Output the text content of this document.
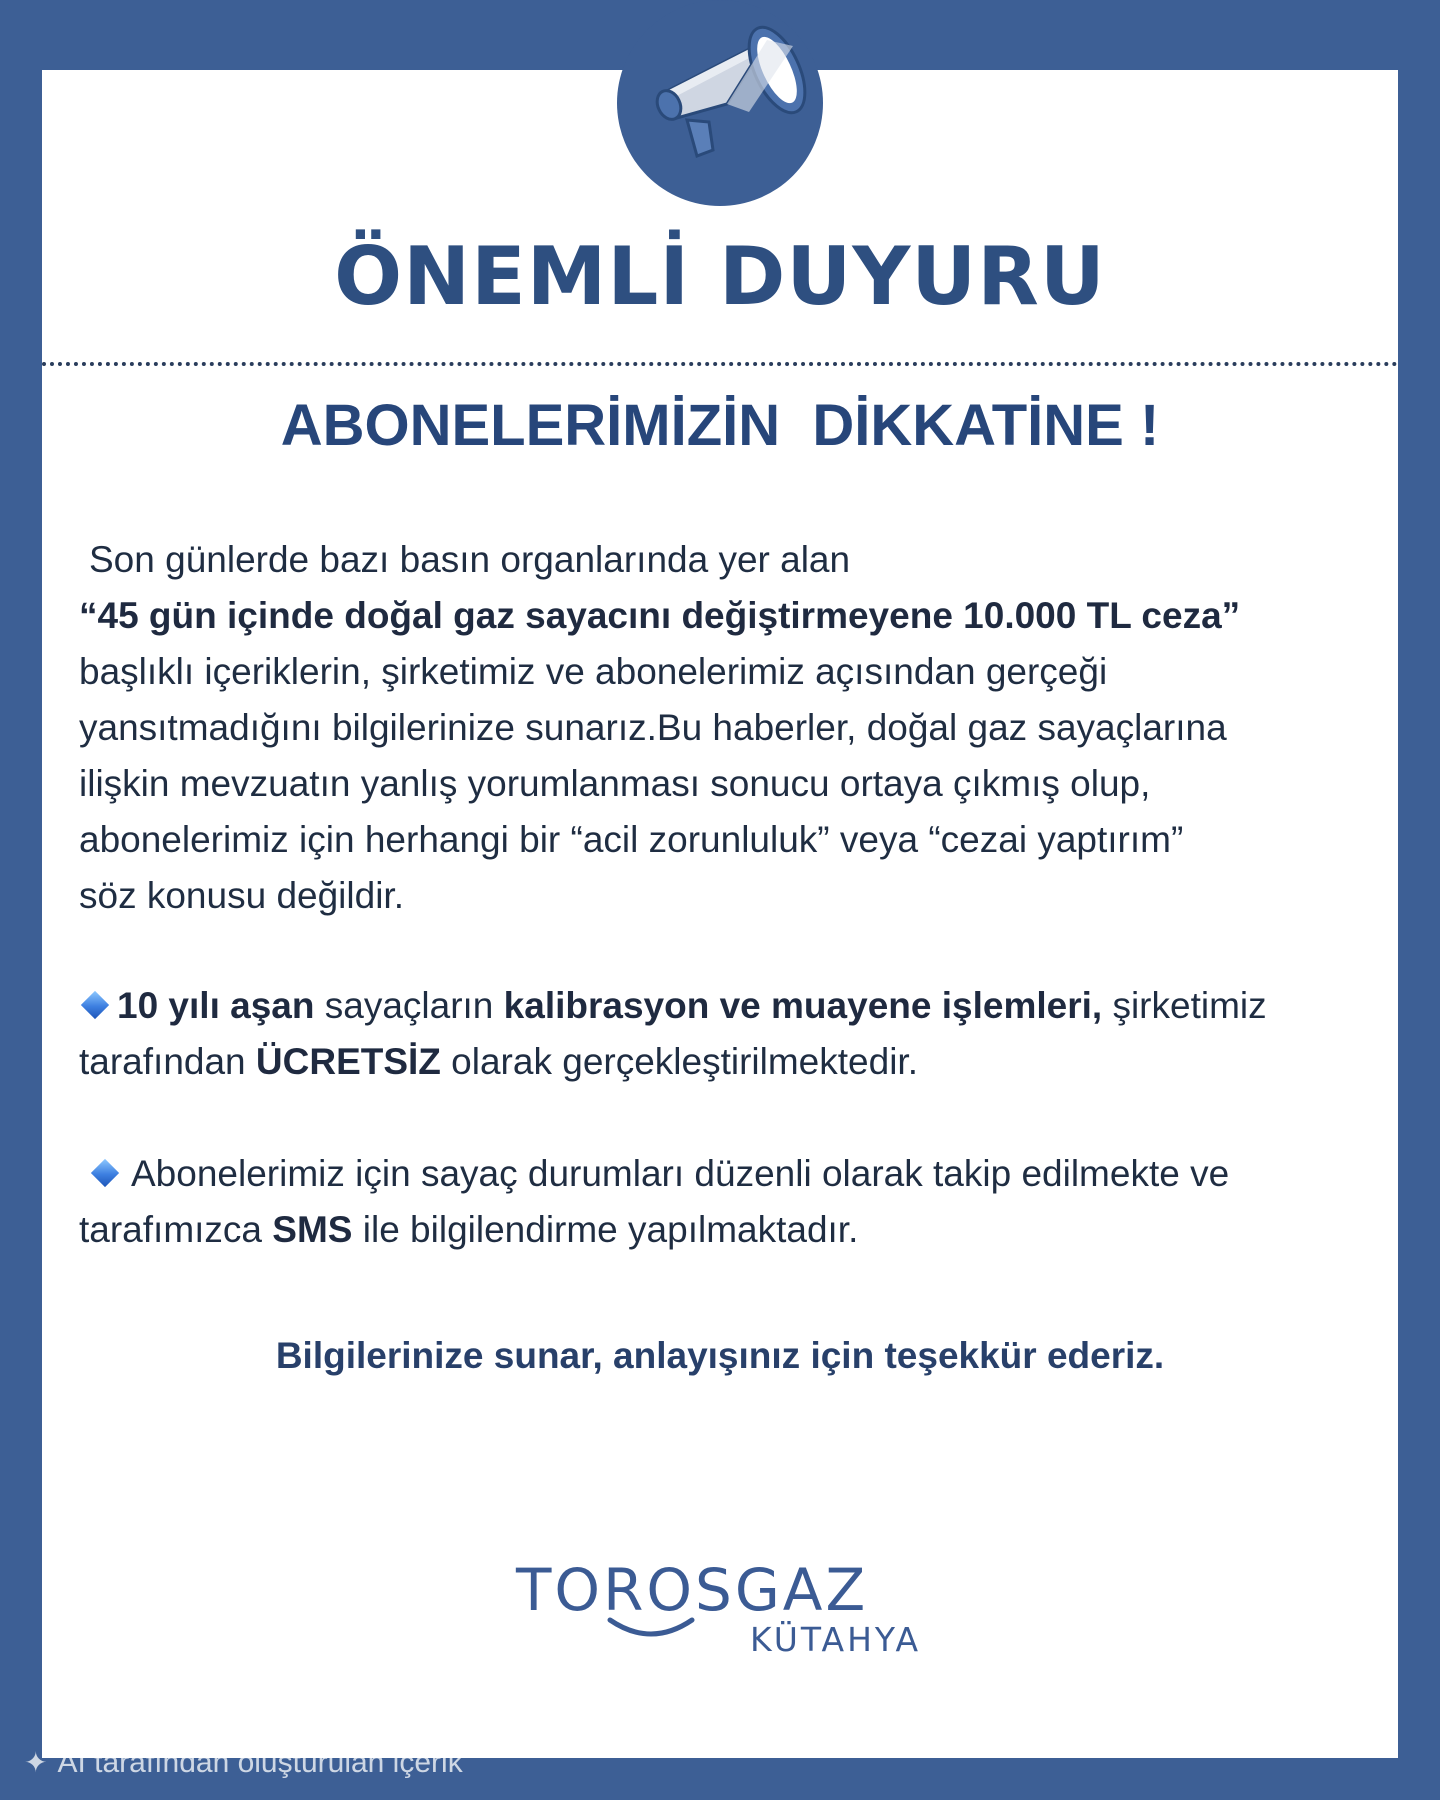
ÖNEMLİ DUYURU
ABONELERİMİZİN  DİKKATİNE !
Son günlerde bazı basın organlarında yer alan
“45 gün içinde doğal gaz sayacını değiştirmeyene 10.000 TL ceza”
başlıklı içeriklerin, şirketimiz ve abonelerimiz açısından gerçeği
yansıtmadığını bilgilerinize sunarız.Bu haberler, doğal gaz sayaçlarına
ilişkin mevzuatın yanlış yorumlanması sonucu ortaya çıkmış olup,
abonelerimiz için herhangi bir “acil zorunluluk” veya “cezai yaptırım”
söz konusu değildir.
10 yılı aşan sayaçların kalibrasyon ve muayene işlemleri, şirketimiz
tarafından ÜCRETSİZ olarak gerçekleştirilmektedir.
Abonelerimiz için sayaç durumları düzenli olarak takip edilmekte ve
tarafımızca SMS ile bilgilendirme yapılmaktadır.
Bilgilerinize sunar, anlayışınız için teşekkür ederiz.
TOROSGAZ
KÜTAHYA
✦ AI tarafından oluşturulan içerik
